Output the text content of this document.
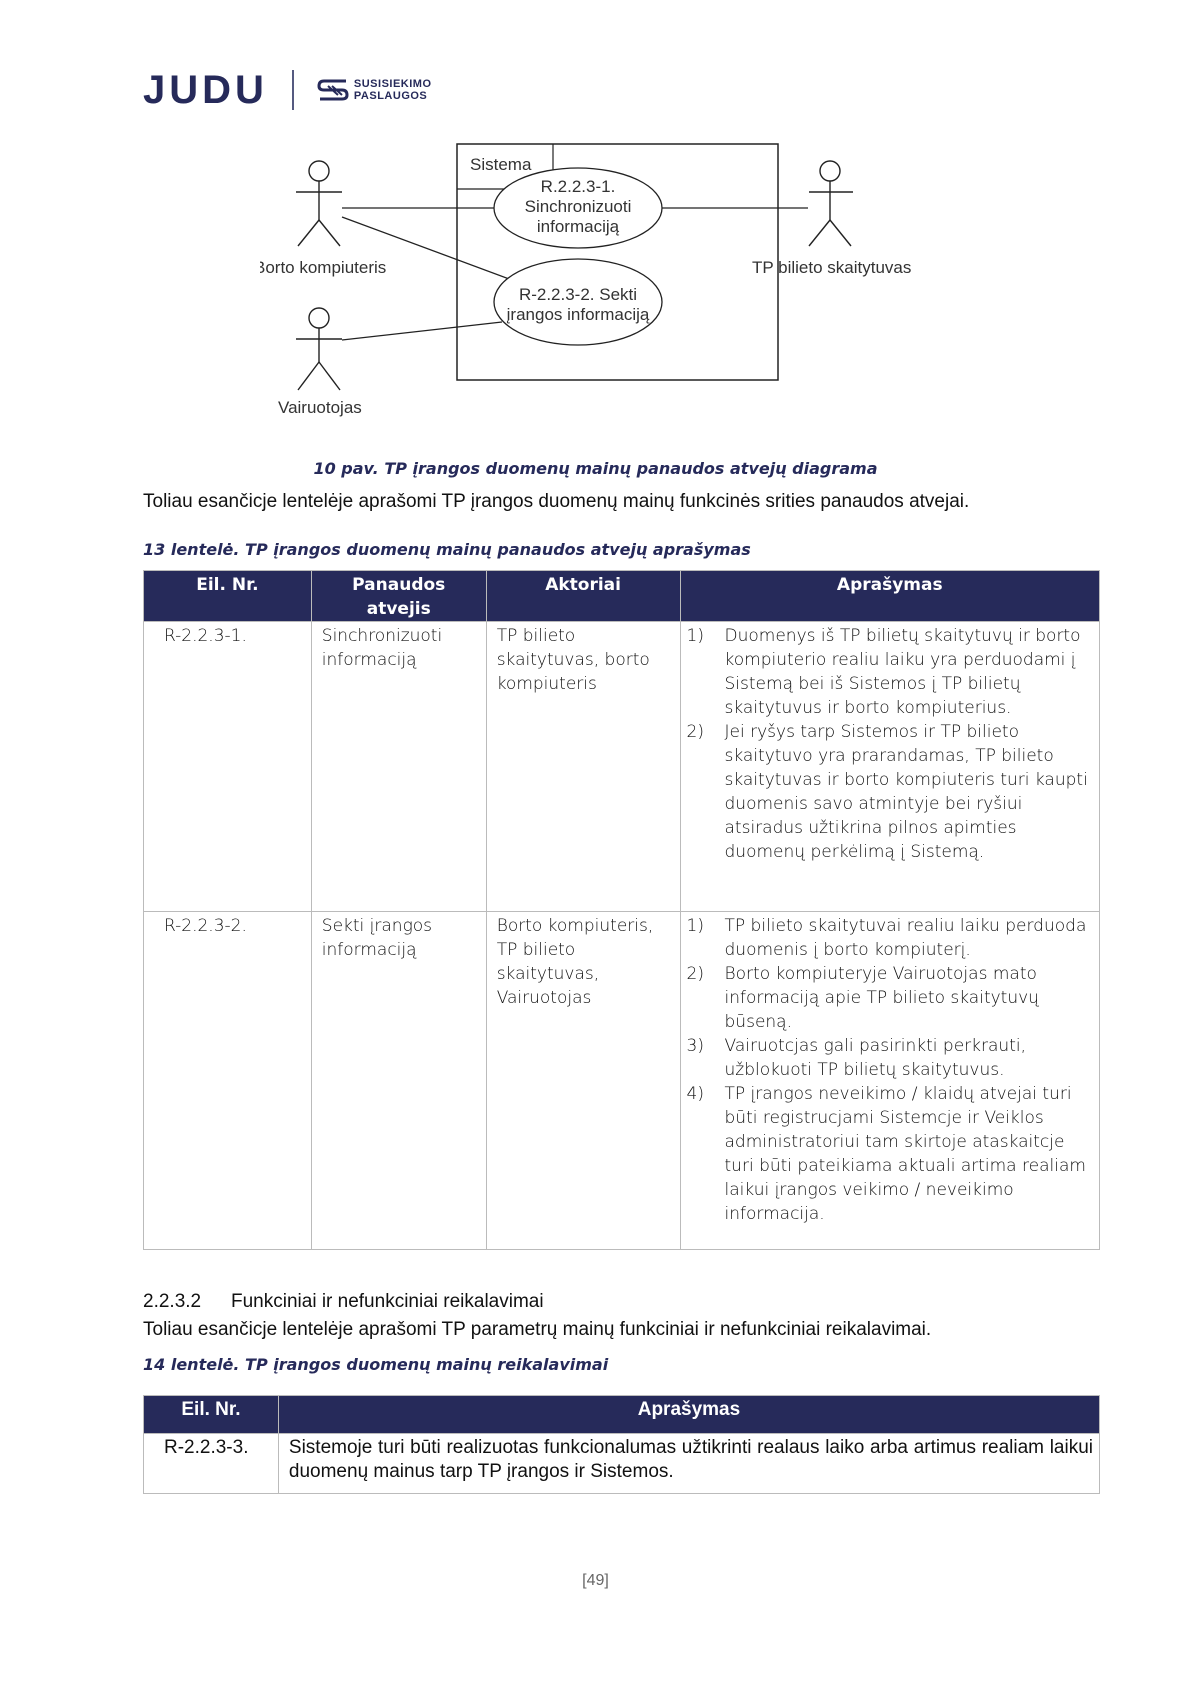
JUDU	SUSISIEKIMO
PASLAUGOS
Sistema
Borto kompiuteris
Vairuotojas
TP bilieto skaitytuvas
R.2.2.3-1.
Sinchronizuoti
informaciją
R-2.2.3-2. Sekti
įrangos informaciją
10 pav. TP įrangos duomenų mainų panaudos atvejų diagrama
Toliau esančicje lentelėje aprašomi TP įrangos duomenų mainų funkcinės srities panaudos atvejai.
13 lentelė. TP įrangos duomenų mainų panaudos atvejų aprašymas
Eil. Nr.	Panaudos atvejis	Aktoriai	Aprašymas
R-2.2.3-1.	Sinchronizuoti informaciją	TP bilieto skaitytuvas, borto kompiuteris	
1)	Duomenys iš TP bilietų skaitytuvų ir borto kompiuterio realiu laiku yra perduodami į Sistemą bei iš Sistemos į TP bilietų skaitytuvus ir borto kompiuterius.
2)	Jei ryšys tarp Sistemos ir TP bilieto skaitytuvo yra prarandamas, TP bilieto skaitytuvas ir borto kompiuteris turi kaupti duomenis savo atmintyje bei ryšiui atsiradus užtikrina pilnos apimties duomenų perkėlimą į Sistemą.

R-2.2.3-2.	Sekti įrangos informaciją	Borto kompiuteris, TP bilieto skaitytuvas, Vairuotojas	
1)	TP bilieto skaitytuvai realiu laiku perduoda duomenis į borto kompiuterį.
2)	Borto kompiuteryje Vairuotojas mato informaciją apie TP bilieto skaitytuvų būseną.
3)	Vairuotcjas gali pasirinkti perkrauti, užblokuoti TP bilietų skaitytuvus.
4)	TP įrangos neveikimo / klaidų atvejai turi būti registrucjami Sistemcje ir Veiklos administratoriui tam skirtoje ataskaitcje turi būti pateikiama aktuali artima realiam laikui įrangos veikimo / neveikimo informacija.
2.2.3.2 Funkciniai ir nefunkciniai reikalavimai
Toliau esančicje lentelėje aprašomi TP parametrų mainų funkciniai ir nefunkciniai reikalavimai.
14 lentelė. TP įrangos duomenų mainų reikalavimai
Eil. Nr.	Aprašymas
R-2.2.3-3.	Sistemoje turi būti realizuotas funkcionalumas užtikrinti realaus laiko arba artimus realiam laikui duomenų mainus tarp TP įrangos ir Sistemos.
[49]
